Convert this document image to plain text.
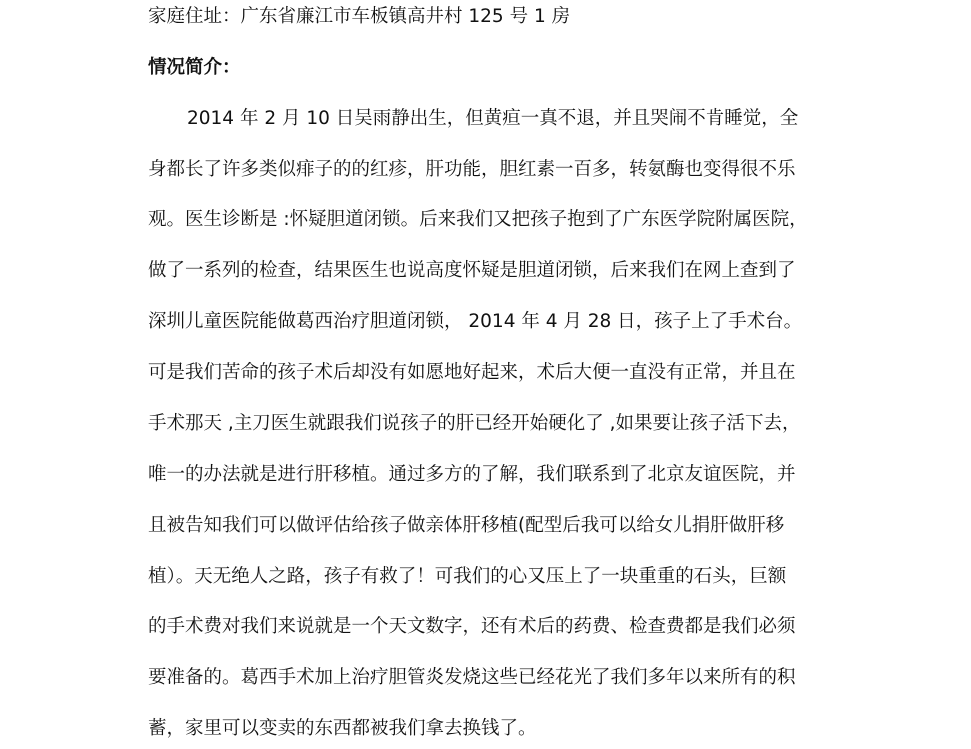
家庭住址：广东省廉江市车板镇高井村 125 号 1 房
情况简介：
2014 年 2 月 10 日吴雨静出生，但黄疸一真不退，并且哭闹不肯睡觉，全
身都长了许多类似痱子的的红疹，肝功能，胆红素一百多，转氨酶也变得很不乐
观。医生诊断是 :怀疑胆道闭锁。后来我们又把孩子抱到了广东医学院附属医院，
做了一系列的检查，结果医生也说高度怀疑是胆道闭锁，后来我们在网上查到了
深圳儿童医院能做葛西治疗胆道闭锁， 2014 年 4 月 28 日，孩子上了手术台。
可是我们苦命的孩子术后却没有如愿地好起来，术后大便一直没有正常，并且在
手术那天 ,主刀医生就跟我们说孩子的肝已经开始硬化了 ,如果要让孩子活下去，
唯一的办法就是进行肝移植。通过多方的了解，我们联系到了北京友谊医院，并
且被告知我们可以做评估给孩子做亲体肝移植(配型后我可以给女儿捐肝做肝移
植）。天无绝人之路，孩子有救了！可我们的心又压上了一块重重的石头，巨额
的手术费对我们来说就是一个天文数字，还有术后的药费、检查费都是我们必须
要准备的。葛西手术加上治疗胆管炎发烧这些已经花光了我们多年以来所有的积
蓄，家里可以变卖的东西都被我们拿去换钱了。
